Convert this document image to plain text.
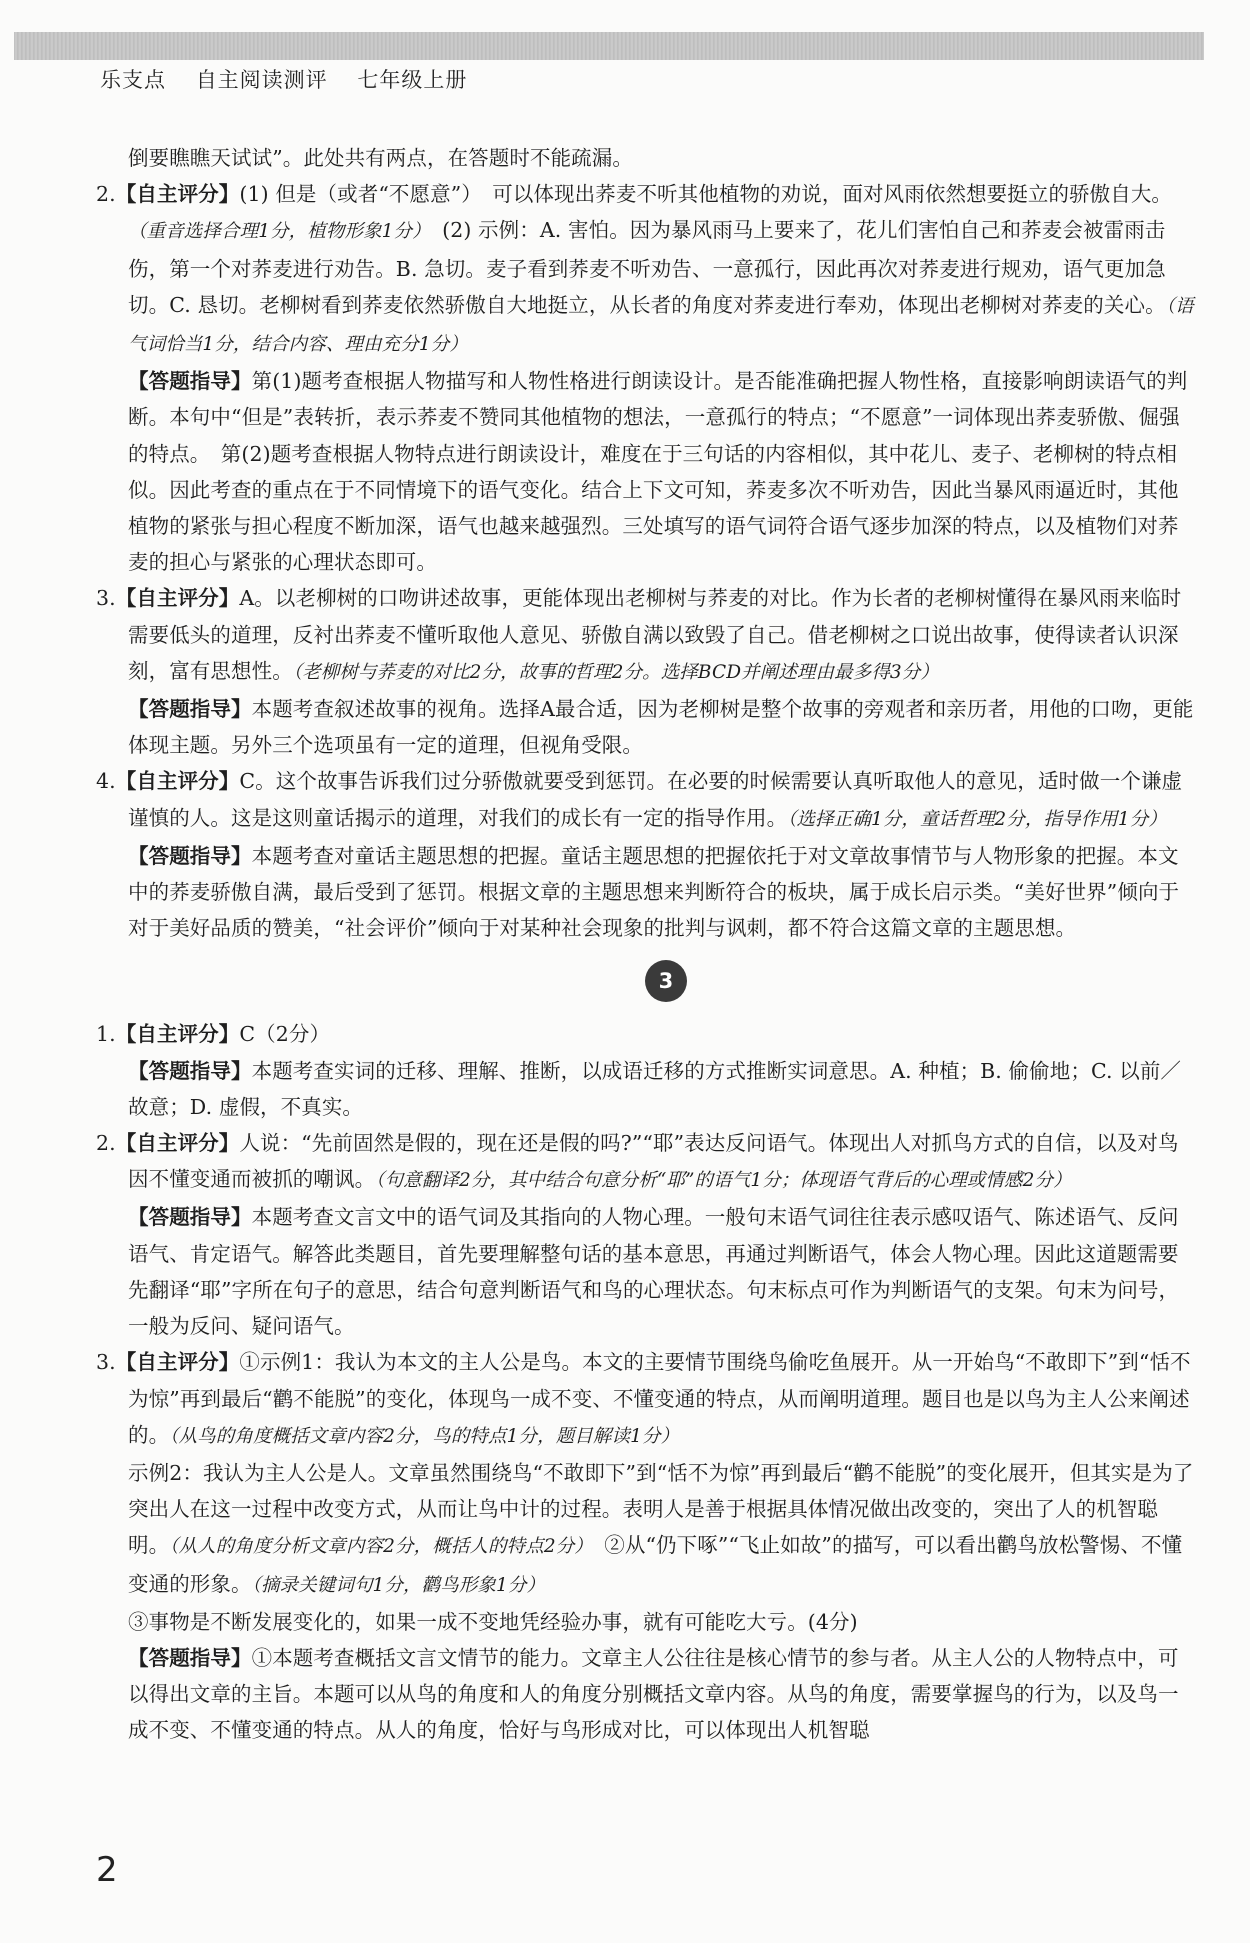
乐支点 自主阅读测评 七年级上册

倒要瞧瞧天试试”。此处共有两点，在答题时不能疏漏。

2.【自主评分】(1) 但是（或者“不愿意”）　可以体现出荞麦不听其他植物的劝说，面对风雨依然想要挺立的骄傲自大。（重音选择合理1分，植物形象1分）　(2) 示例：A. 害怕。因为暴风雨马上要来了，花儿们害怕自己和荞麦会被雷雨击伤，第一个对荞麦进行劝告。B. 急切。麦子看到荞麦不听劝告、一意孤行，因此再次对荞麦进行规劝，语气更加急切。C. 恳切。老柳树看到荞麦依然骄傲自大地挺立，从长者的角度对荞麦进行奉劝，体现出老柳树对荞麦的关心。（语气词恰当1分，结合内容、理由充分1分）

【答题指导】第(1)题考查根据人物描写和人物性格进行朗读设计。是否能准确把握人物性格，直接影响朗读语气的判断。本句中“但是”表转折，表示荞麦不赞同其他植物的想法，一意孤行的特点；“不愿意”一词体现出荞麦骄傲、倔强的特点。　第(2)题考查根据人物特点进行朗读设计，难度在于三句话的内容相似，其中花儿、麦子、老柳树的特点相似。因此考查的重点在于不同情境下的语气变化。结合上下文可知，荞麦多次不听劝告，因此当暴风雨逼近时，其他植物的紧张与担心程度不断加深，语气也越来越强烈。三处填写的语气词符合语气逐步加深的特点，以及植物们对荞麦的担心与紧张的心理状态即可。

3.【自主评分】A。以老柳树的口吻讲述故事，更能体现出老柳树与荞麦的对比。作为长者的老柳树懂得在暴风雨来临时需要低头的道理，反衬出荞麦不懂听取他人意见、骄傲自满以致毁了自己。借老柳树之口说出故事，使得读者认识深刻，富有思想性。（老柳树与荞麦的对比2分，故事的哲理2分。选择BCD并阐述理由最多得3分）

【答题指导】本题考查叙述故事的视角。选择A最合适，因为老柳树是整个故事的旁观者和亲历者，用他的口吻，更能体现主题。另外三个选项虽有一定的道理，但视角受限。

4.【自主评分】C。这个故事告诉我们过分骄傲就要受到惩罚。在必要的时候需要认真听取他人的意见，适时做一个谦虚谨慎的人。这是这则童话揭示的道理，对我们的成长有一定的指导作用。（选择正确1分，童话哲理2分，指导作用1分）

【答题指导】本题考查对童话主题思想的把握。童话主题思想的把握依托于对文章故事情节与人物形象的把握。本文中的荞麦骄傲自满，最后受到了惩罚。根据文章的主题思想来判断符合的板块，属于成长启示类。“美好世界”倾向于对于美好品质的赞美，“社会评价”倾向于对某种社会现象的批判与讽刺，都不符合这篇文章的主题思想。

3

1.【自主评分】C（2分）

【答题指导】本题考查实词的迁移、理解、推断，以成语迁移的方式推断实词意思。A. 种植；B. 偷偷地；C. 以前／故意；D. 虚假，不真实。

2.【自主评分】人说：“先前固然是假的，现在还是假的吗?”“耶”表达反问语气。体现出人对抓鸟方式的自信，以及对鸟因不懂变通而被抓的嘲讽。（句意翻译2分，其中结合句意分析“耶”的语气1分；体现语气背后的心理或情感2分）

【答题指导】本题考查文言文中的语气词及其指向的人物心理。一般句末语气词往往表示感叹语气、陈述语气、反问语气、肯定语气。解答此类题目，首先要理解整句话的基本意思，再通过判断语气，体会人物心理。因此这道题需要先翻译“耶”字所在句子的意思，结合句意判断语气和鸟的心理状态。句末标点可作为判断语气的支架。句末为问号，一般为反问、疑问语气。

3.【自主评分】①示例1：我认为本文的主人公是鸟。本文的主要情节围绕鸟偷吃鱼展开。从一开始鸟“不敢即下”到“恬不为惊”再到最后“鹳不能脱”的变化，体现鸟一成不变、不懂变通的特点，从而阐明道理。题目也是以鸟为主人公来阐述的。（从鸟的角度概括文章内容2分，鸟的特点1分，题目解读1分）

示例2：我认为主人公是人。文章虽然围绕鸟“不敢即下”到“恬不为惊”再到最后“鹳不能脱”的变化展开，但其实是为了突出人在这一过程中改变方式，从而让鸟中计的过程。表明人是善于根据具体情况做出改变的，突出了人的机智聪明。（从人的角度分析文章内容2分，概括人的特点2分）　②从“仍下啄”“飞止如故”的描写，可以看出鹳鸟放松警惕、不懂变通的形象。（摘录关键词句1分，鹳鸟形象1分）

③事物是不断发展变化的，如果一成不变地凭经验办事，就有可能吃大亏。(4分)

【答题指导】①本题考查概括文言文情节的能力。文章主人公往往是核心情节的参与者。从主人公的人物特点中，可以得出文章的主旨。本题可以从鸟的角度和人的角度分别概括文章内容。从鸟的角度，需要掌握鸟的行为，以及鸟一成不变、不懂变通的特点。从人的角度，恰好与鸟形成对比，可以体现出人机智聪

2
